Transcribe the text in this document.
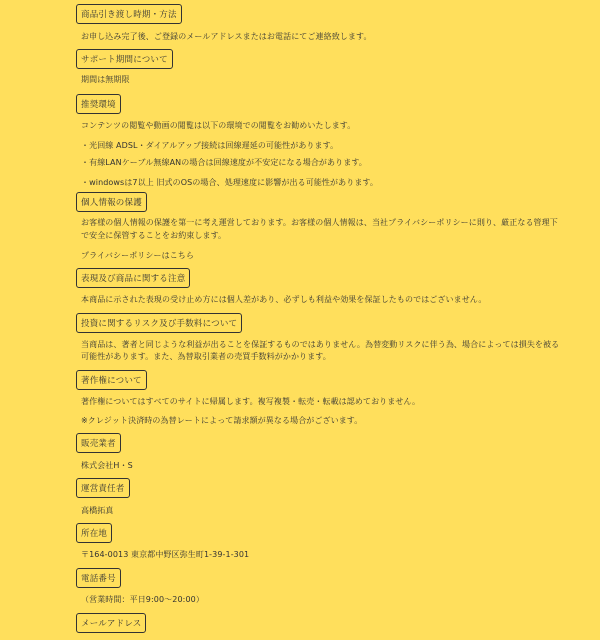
商品引き渡し時期・方法
お申し込み完了後、ご登録のメールアドレスまたはお電話にてご連絡致します。
サポート期間について
期間は無期限
推奨環境
コンテンツの閲覧や動画の閲覧は以下の環境での閲覧をお勧めいたします。
・光回線 ADSL・ダイアルアップ接続は回線遅延の可能性があります。
・有線LANケーブル無線ANの場合は回線速度が不安定になる場合があります。
・windowsは7以上 旧式のOSの場合、処理速度に影響が出る可能性があります。
個人情報の保護
お客様の個人情報の保護を第一に考え運営しております。お客様の個人情報は、当社プライバシーポリシーに則り、厳正なる管理下
で安全に保管することをお約束します。
プライバシーポリシーはこちら
表現及び商品に関する注意
本商品に示された表現の受け止め方には個人差があり、必ずしも利益や効果を保証したものではございません。
投資に関するリスク及び手数料について
当商品は、著者と同じような利益が出ることを保証するものではありません。為替変動リスクに伴う為、場合によっては損失を被る
可能性があります。また、為替取引業者の売買手数料がかかります。
著作権について
著作権についてはすべてのサイトに帰属します。複写複製・転売・転載は認めておりません。
※クレジット決済時の為替レートによって請求額が異なる場合がございます。
販売業者
株式会社H・S
運営責任者
高橋拓真
所在地
〒164-0013 東京都中野区弥生町1-39-1-301
電話番号
（営業時間：平日9:00〜20:00）
メールアドレス
